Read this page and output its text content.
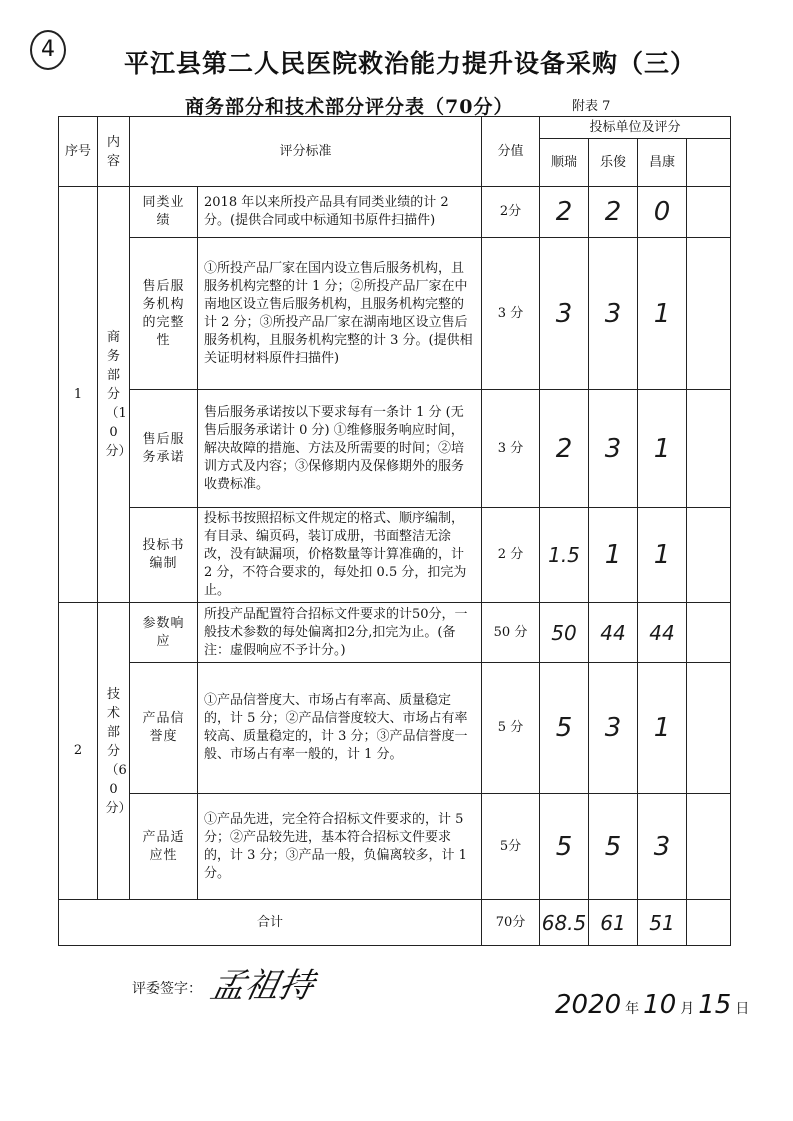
4	平江县第二人民医院救治能力提升设备采购（三）
商务部分和技术部分评分表（70分）	附表 7
序号	内容	评分标准		分值	投标单位及评分			
					顺瑞	乐俊	昌康	
1	商务部分（10分）	同类业绩	2018 年以来所投产品具有同类业绩的计 2 分。(提供合同或中标通知书原件扫描件)	2分	2	2	0	
		售后服务机构的完整性	①所投产品厂家在国内设立售后服务机构，且服务机构完整的计 1 分；②所投产品厂家在中南地区设立售后服务机构，且服务机构完整的计 2 分；③所投产品厂家在湖南地区设立售后服务机构，且服务机构完整的计 3 分。(提供相关证明材料原件扫描件)	3 分	3	3	1	
		售后服务承诺	售后服务承诺按以下要求每有一条计 1 分 (无售后服务承诺计 0 分) ①维修服务响应时间，解决故障的措施、方法及所需要的时间；②培训方式及内容；③保修期内及保修期外的服务收费标准。	3 分	2	3	1	
		投标书编制	投标书按照招标文件规定的格式、顺序编制，有目录、编页码，装订成册，书面整洁无涂改，没有缺漏项，价格数量等计算准确的，计 2 分，不符合要求的，每处扣 0.5 分，扣完为止。	2 分	1.5	1	1	
2	技术部分（60分）	参数响应	所投产品配置符合招标文件要求的计50分，一般技术参数的每处偏离扣2分,扣完为止。(备注：虚假响应不予计分。)	50 分	50	44	44	
		产品信誉度	①产品信誉度大、市场占有率高、质量稳定的，计 5 分；②产品信誉度较大、市场占有率较高、质量稳定的，计 3 分；③产品信誉度一般、市场占有率一般的，计 1 分。	5 分	5	3	1	
		产品适应性	①产品先进，完全符合招标文件要求的，计 5 分；②产品较先进，基本符合招标文件要求的，计 3 分；③产品一般，负偏离较多，计 1 分。	5分	5	5	3	
合计				70分	68.5	61	51	
评委签字： 孟祖持	2020 年 10 月 15 日
